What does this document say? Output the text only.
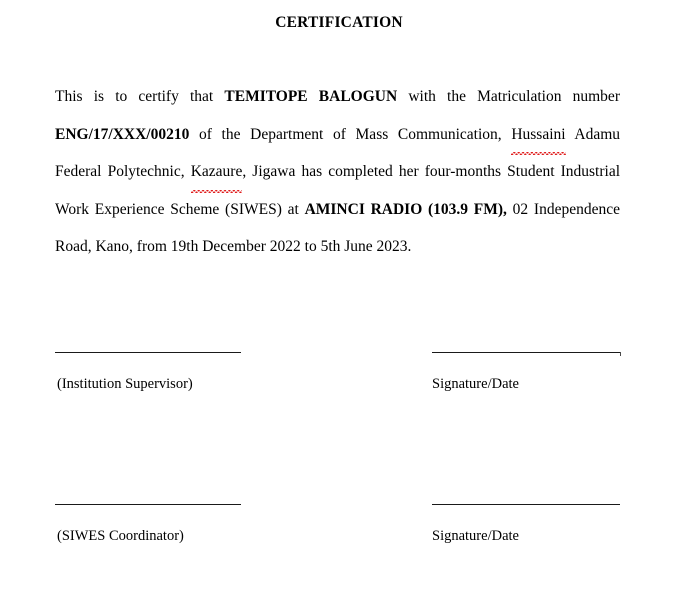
CERTIFICATION

This is to certify that TEMITOPE BALOGUN with the Matriculation number ENG/17/XXX/00210 of the Department of Mass Communication, Hussaini Adamu Federal Polytechnic, Kazaure, Jigawa has completed her four-months Student Industrial Work Experience Scheme (SIWES) at AMINCI RADIO (103.9 FM), 02 Independence Road, Kano, from 19th December 2022 to 5th June 2023.

(Institution Supervisor)	Signature/Date
(SIWES Coordinator)	Signature/Date
